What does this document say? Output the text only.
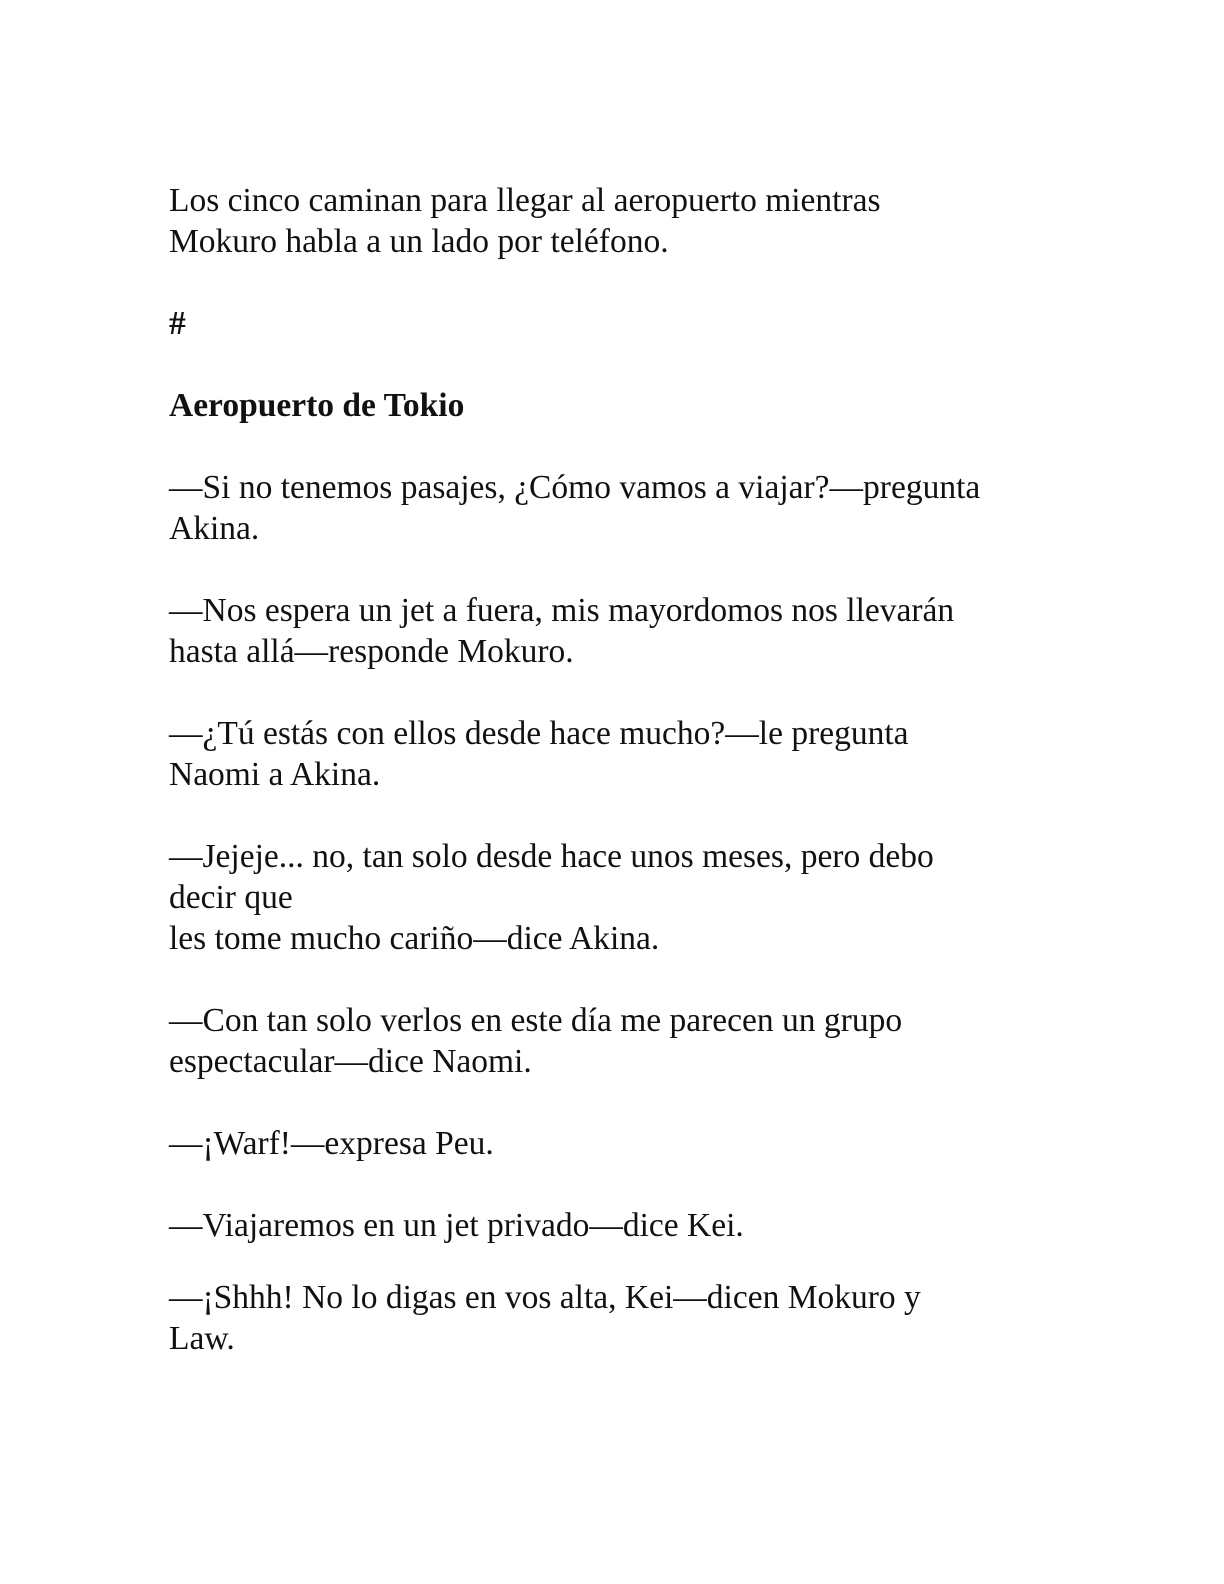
Los cinco caminan para llegar al aeropuerto mientras
Mokuro habla a un lado por teléfono.

#

Aeropuerto de Tokio

—Si no tenemos pasajes, ¿Cómo vamos a viajar?—pregunta
Akina.

—Nos espera un jet a fuera, mis mayordomos nos llevarán
hasta allá—responde Mokuro.

—¿Tú estás con ellos desde hace mucho?—le pregunta
Naomi a Akina.

—Jejeje... no, tan solo desde hace unos meses, pero debo
decir que
les tome mucho cariño—dice Akina.

—Con tan solo verlos en este día me parecen un grupo
espectacular—dice Naomi.

—¡Warf!—expresa Peu.

—Viajaremos en un jet privado—dice Kei.

—¡Shhh! No lo digas en vos alta, Kei—dicen Mokuro y
Law.
